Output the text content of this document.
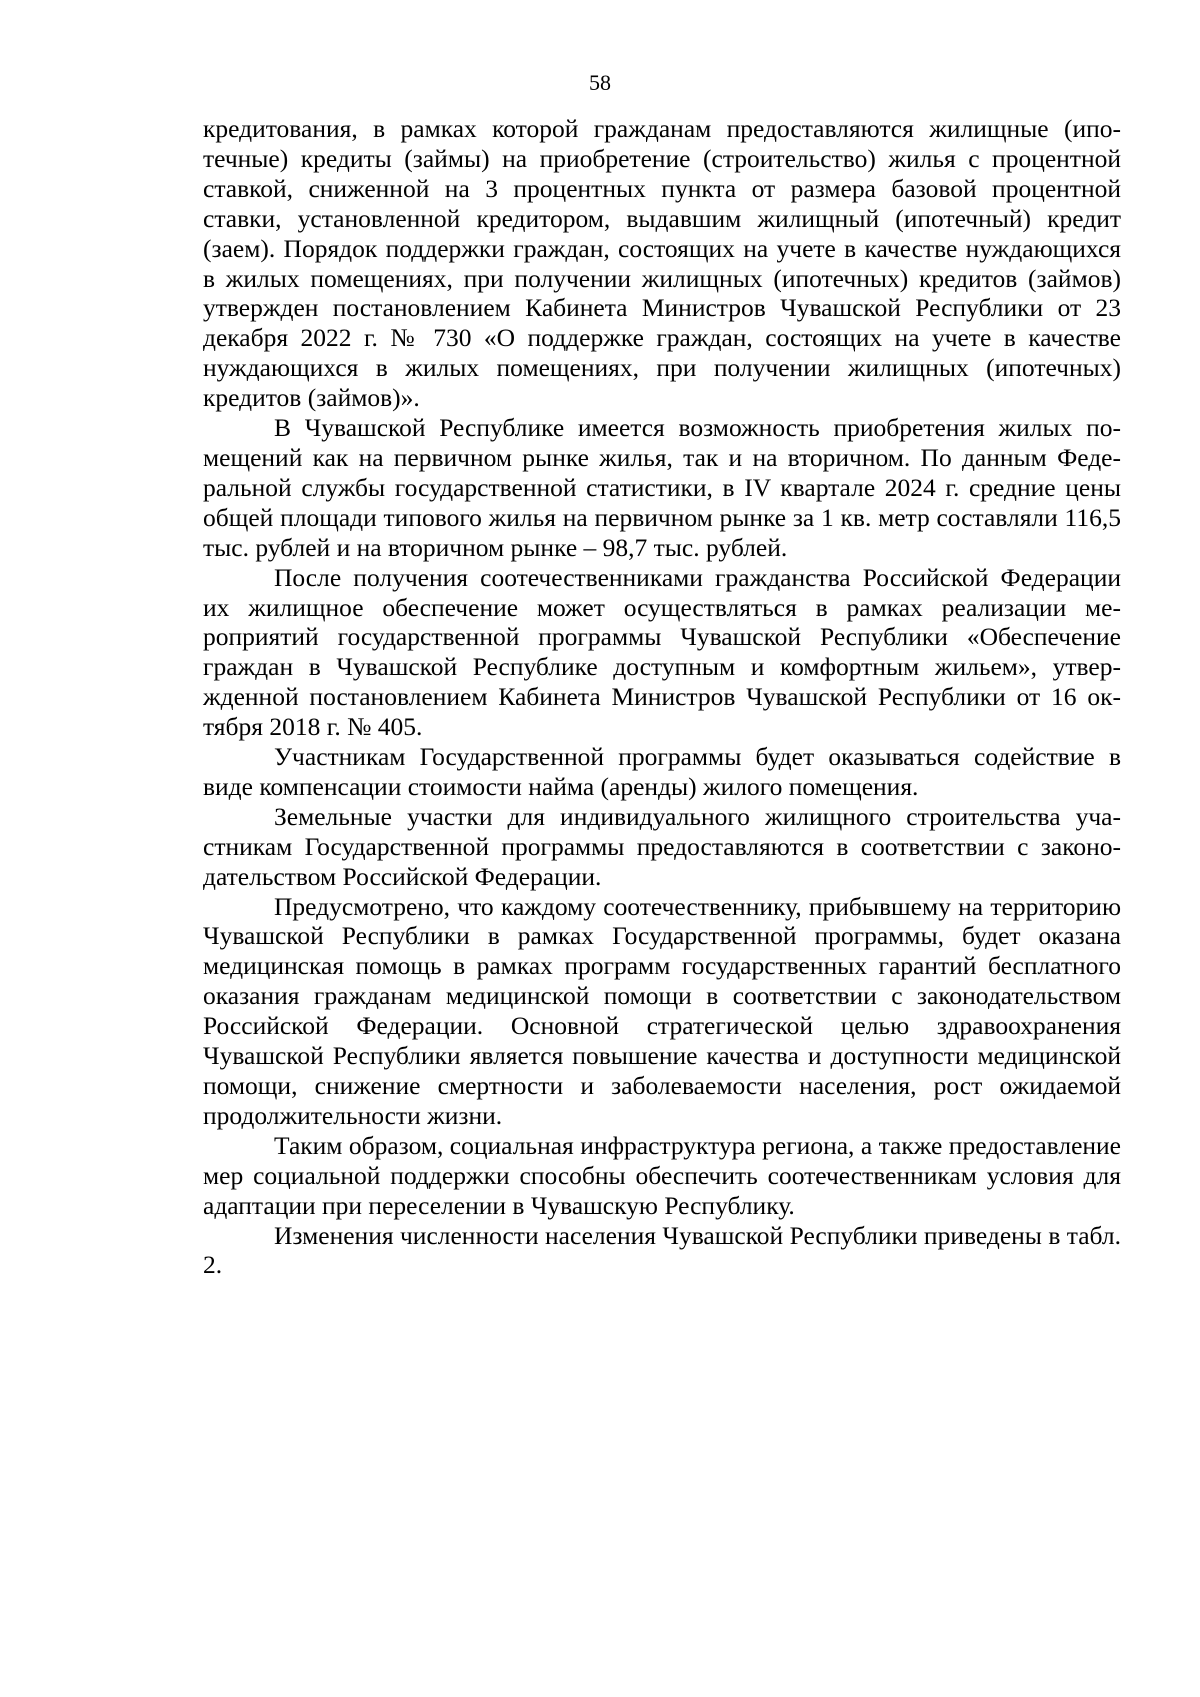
58

кредитования, в рамках которой гражданам предоставляются жилищные (ипотечные) кредиты (займы) на приобретение (строительство) жилья с процентной ставкой, сниженной на 3 процентных пункта от размера базовой процентной ставки, установленной кредитором, выдавшим жилищный (ипотечный) кредит (заем). Порядок поддержки граждан, состоящих на учете в качестве нуждающихся в жилых помещениях, при получении жилищных (ипотечных) кредитов (займов) утвержден постановлением Кабинета Министров Чувашской Республики от 23 декабря 2022 г. № 730 «О поддержке граждан, состоящих на учете в качестве нуждающихся в жилых помещениях, при получении жилищных (ипотечных) кредитов (займов)».

В Чувашской Республике имеется возможность приобретения жилых помещений как на первичном рынке жилья, так и на вторичном. По данным Федеральной службы государственной статистики, в IV квартале 2024 г. средние цены общей площади типового жилья на первичном рынке за 1 кв. метр составляли 116,5 тыс. рублей и на вторичном рынке – 98,7 тыс. рублей.

После получения соотечественниками гражданства Российской Федерации их жилищное обеспечение может осуществляться в рамках реализации мероприятий государственной программы Чувашской Республики «Обеспечение граждан в Чувашской Республике доступным и комфортным жильем», утвержденной постановлением Кабинета Министров Чувашской Республики от 16 октября 2018 г. № 405.

Участникам Государственной программы будет оказываться содействие в виде компенсации стоимости найма (аренды) жилого помещения.

Земельные участки для индивидуального жилищного строительства участникам Государственной программы предоставляются в соответствии с законодательством Российской Федерации.

Предусмотрено, что каждому соотечественнику, прибывшему на территорию Чувашской Республики в рамках Государственной программы, будет оказана медицинская помощь в рамках программ государственных гарантий бесплатного оказания гражданам медицинской помощи в соответствии с законодательством Российской Федерации. Основной стратегической целью здравоохранения Чувашской Республики является повышение качества и доступности медицинской помощи, снижение смертности и заболеваемости населения, рост ожидаемой продолжительности жизни.

Таким образом, социальная инфраструктура региона, а также предоставление мер социальной поддержки способны обеспечить соотечественникам условия для адаптации при переселении в Чувашскую Республику.

Изменения численности населения Чувашской Республики приведены в табл. 2.
